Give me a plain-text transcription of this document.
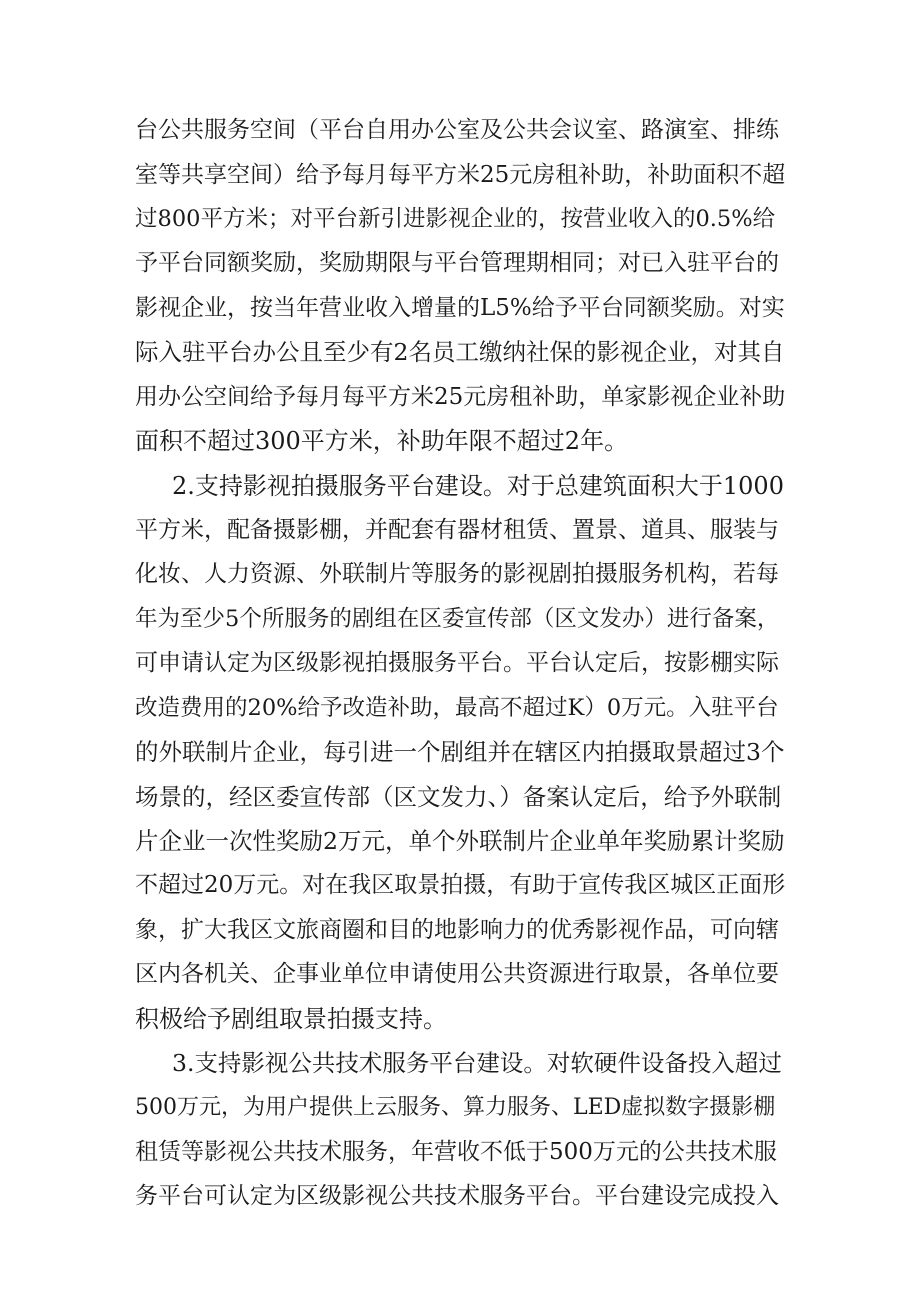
台公共服务空间（平台自用办公室及公共会议室、路演室、排练
室等共享空间）给予每月每平方米25元房租补助，补助面积不超
过800平方米；对平台新引进影视企业的，按营业收入的0.5%给
予平台同额奖励，奖励期限与平台管理期相同；对已入驻平台的
影视企业，按当年营业收入增量的L5%给予平台同额奖励。对实
际入驻平台办公且至少有2名员工缴纳社保的影视企业，对其自
用办公空间给予每月每平方米25元房租补助，单家影视企业补助
面积不超过300平方米，补助年限不超过2年。
2.支持影视拍摄服务平台建设。对于总建筑面积大于1000
平方米，配备摄影棚，并配套有器材租赁、置景、道具、服装与
化妆、人力资源、外联制片等服务的影视剧拍摄服务机构，若每
年为至少5个所服务的剧组在区委宣传部（区文发办）进行备案，
可申请认定为区级影视拍摄服务平台。平台认定后，按影棚实际
改造费用的20%给予改造补助，最高不超过K）0万元。入驻平台
的外联制片企业，每引进一个剧组并在辖区内拍摄取景超过3个
场景的，经区委宣传部（区文发力、）备案认定后，给予外联制
片企业一次性奖励2万元，单个外联制片企业单年奖励累计奖励
不超过20万元。对在我区取景拍摄，有助于宣传我区城区正面形
象，扩大我区文旅商圈和目的地影响力的优秀影视作品，可向辖
区内各机关、企事业单位申请使用公共资源进行取景，各单位要
积极给予剧组取景拍摄支持。
3.支持影视公共技术服务平台建设。对软硬件设备投入超过
500万元，为用户提供上云服务、算力服务、LED虚拟数字摄影棚
租赁等影视公共技术服务，年营收不低于500万元的公共技术服
务平台可认定为区级影视公共技术服务平台。平台建设完成投入
